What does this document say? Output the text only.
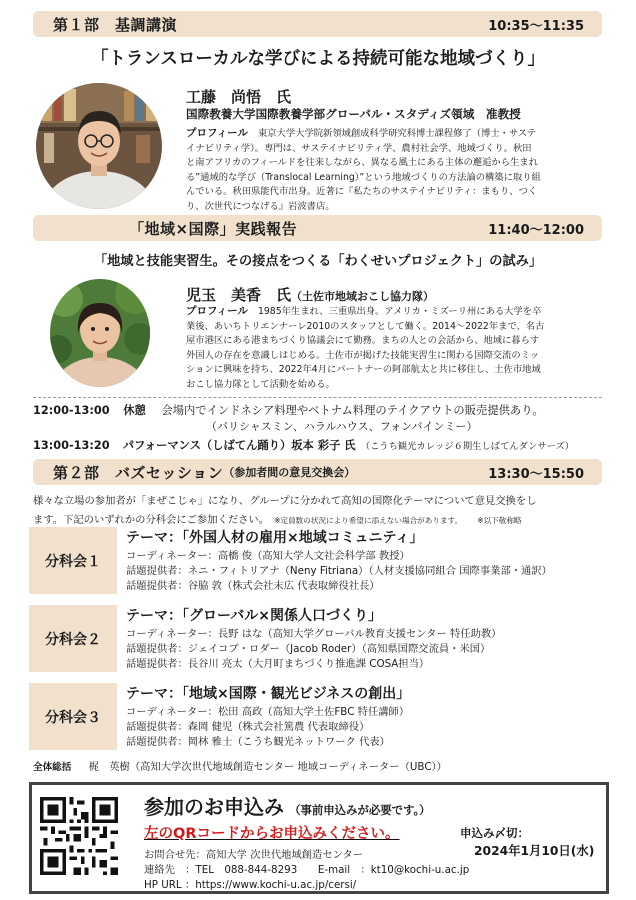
第１部　基調講演	10:35～11:35
「トランスローカルな学びによる持続可能な地域づくり」
工藤　尚悟　氏
国際教養大学国際教養学部グローバル・スタディズ領域　准教授
プロフィール 東京大学大学院新領域創成科学研究科博士課程修了（博士・サステ
イナビリティ学）。専門は、サステイナビリティ学、農村社会学、地域づくり。秋田
と南アフリカのフィールドを往来しながら、異なる風土にある主体の邂逅から生まれ
る”通域的な学び（Translocal Learning）”という地域づくりの方法論の構築に取り組
んでいる。秋田県能代市出身。近著に『私たちのサステイナビリティ：まもり、つく
り、次世代につなげる』岩波書店。
「地域×国際」実践報告	11:40～12:00
「地域と技能実習生。その接点をつくる「わくせいプロジェクト」の試み」
児玉　美香　氏（土佐市地域おこし協力隊）
プロフィール 1985年生まれ、三重県出身。アメリカ・ミズーリ州にある大学を卒
業後、あいちトリエンナーレ2010のスタッフとして働く。2014～2022年まで、名古
屋市港区にある港まちづくり協議会にて勤務。まちの人との会話から、地域に暮らす
外国人の存在を意識しはじめる。土佐市が掲げた技能実習生に関わる国際交流のミッ
ションに興味を持ち、2022年4月にパートナーの阿部航太と共に移住し、土佐市地域
おこし協力隊として活動を始める。
12:00-13:00 休憩 会場内でインドネシア料理やベトナム料理のテイクアウトの販売提供あり。
（バリシャスミン、ハラルハウス、フォンバインミー）
13:00-13:20 パフォーマンス（しばてん踊り）坂本 彩子 氏 （こうち観光カレッジ６期生しばてんダンサーズ）
第２部　バズセッション （参加者間の意見交換会）	13:30～15:50
様々な立場の参加者が「まぜこじゃ」になり、グループに分かれて高知の国際化テーマについて意見交換をし
ます。下記のいずれかの分科会にご参加ください。 ※定員数の状況により希望に添えない場合があります。 ※以下敬称略
分科会１
テーマ：「外国人材の雇用×地域コミュニティ」
コーディネーター：高橋 俊（高知大学人文社会科学部 教授）
話題提供者：ネニ・フィトリアナ（Neny Fitriana）（人材支援協同組合 国際事業部・通訳）
話題提供者：谷脇 敦（株式会社末広 代表取締役社長）
分科会２
テーマ：「グローバル×関係人口づくり」
コーディネーター：長野 はな（高知大学グローバル教育支援センター 特任助教）
話題提供者：ジェイコブ・ロダー（Jacob Roder）（高知県国際交流員・米国）
話題提供者：長谷川 亮太（大月町まちづくり推進課 COSA担当）
分科会３
テーマ：「地域×国際・観光ビジネスの創出」
コーディネーター：松田 高政（高知大学土佐FBC 特任講師）
話題提供者：森岡 健児（株式会社篤農 代表取締役）
話題提供者：岡林 雅士（こうち観光ネットワーク 代表）
全体総括 梶　英樹（高知大学次世代地域創造センター 地域コーディネーター（UBC））
参加のお申込み （事前申込みが必要です。）
左のQRコードからお申込みください。	申込み〆切：
2024年1月10日(水)
お問合せ先：高知大学 次世代地域創造センター
連絡先　：TEL　088-844-8293　　E-mail　：kt10@kochi-u.ac.jp
HP URL ：https://www.kochi-u.ac.jp/cersi/
